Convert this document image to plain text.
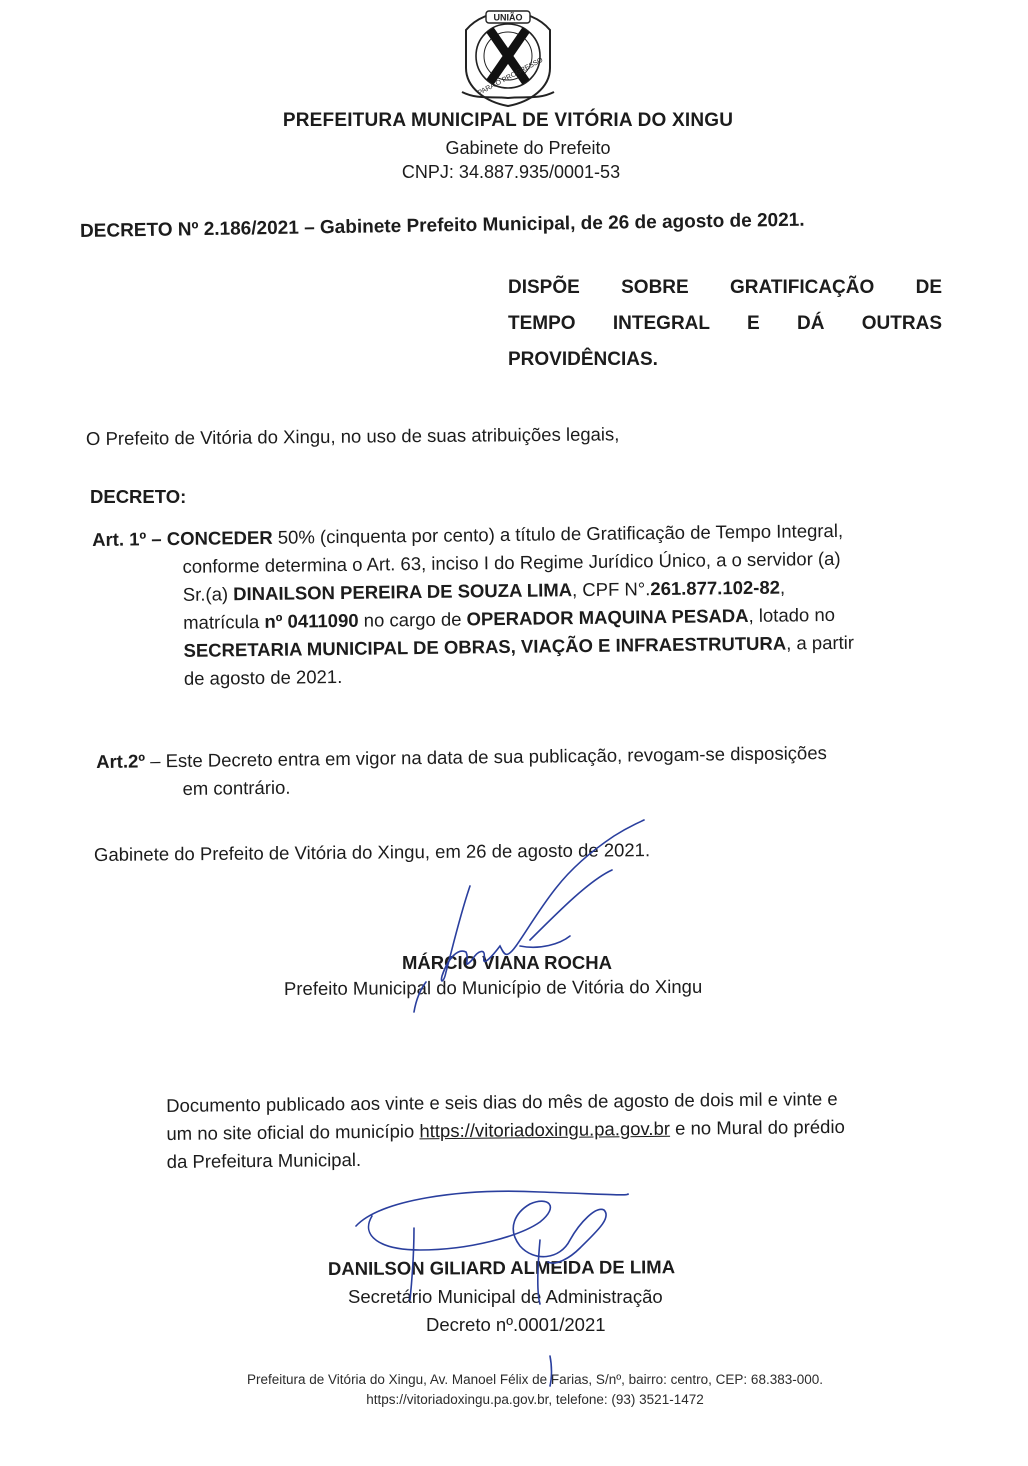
UNIÃO
PARA O PROGRESSO
PREFEITURA MUNICIPAL DE VITÓRIA DO XINGU
Gabinete do Prefeito
CNPJ: 34.887.935/0001-53
DECRETO Nº 2.186/2021 – Gabinete Prefeito Municipal, de 26 de agosto de 2021.
DISPÕE SOBRE GRATIFICAÇÃO DE
TEMPO INTEGRAL E DÁ OUTRAS
PROVIDÊNCIAS.
O Prefeito de Vitória do Xingu, no uso de suas atribuições legais,
DECRETO:
Art. 1º – CONCEDER 50% (cinquenta por cento) a título de Gratificação de Tempo Integral,
conforme determina o Art. 63, inciso I do Regime Jurídico Único, a o servidor (a)
Sr.(a) DINAILSON PEREIRA DE SOUZA LIMA, CPF N°.261.877.102-82,
matrícula nº 0411090 no cargo de OPERADOR MAQUINA PESADA, lotado no
SECRETARIA MUNICIPAL DE OBRAS, VIAÇÃO E INFRAESTRUTURA, a partir
de agosto de 2021.
Art.2º – Este Decreto entra em vigor na data de sua publicação, revogam-se disposições
em contrário.
Gabinete do Prefeito de Vitória do Xingu, em 26 de agosto de 2021.
MÁRCIO VIANA ROCHA
Prefeito Municipal do Município de Vitória do Xingu
Documento publicado aos vinte e seis dias do mês de agosto de dois mil e vinte e
um no site oficial do município https://vitoriadoxingu.pa.gov.br e no Mural do prédio
da Prefeitura Municipal.
DANILSON GILIARD ALMEIDA DE LIMA
Secretário Municipal de Administração
Decreto nº.0001/2021
Prefeitura de Vitória do Xingu, Av. Manoel Félix de Farias, S/nº, bairro: centro, CEP: 68.383-000.
https://vitoriadoxingu.pa.gov.br, telefone: (93) 3521-1472
